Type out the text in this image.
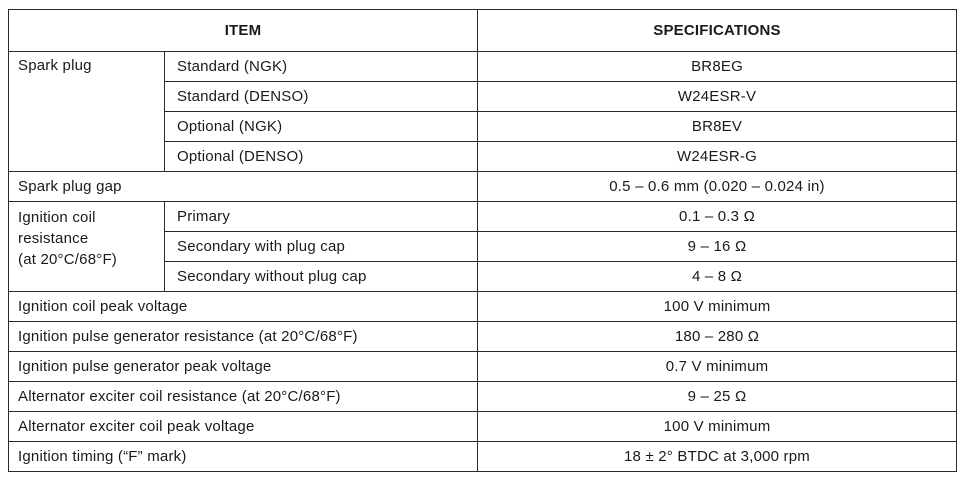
ITEM		SPECIFICATIONS
Spark plug	Standard (NGK)	BR8EG
	Standard (DENSO)	W24ESR-V
	Optional (NGK)	BR8EV
	Optional (DENSO)	W24ESR-G
Spark plug gap		0.5 – 0.6 mm (0.020 – 0.024 in)

Ignition coil
resistance
(at 20°C/68°F)	Primary	0.1 – 0.3 Ω
	Secondary with plug cap	9 – 16 Ω
	Secondary without plug cap	4 – 8 Ω
Ignition coil peak voltage		100 V minimum
Ignition pulse generator resistance (at 20°C/68°F)		180 – 280 Ω
Ignition pulse generator peak voltage		0.7 V minimum
Alternator exciter coil resistance (at 20°C/68°F)		9 – 25 Ω
Alternator exciter coil peak voltage		100 V minimum
Ignition timing (“F” mark)		18 ± 2° BTDC at 3,000 rpm
